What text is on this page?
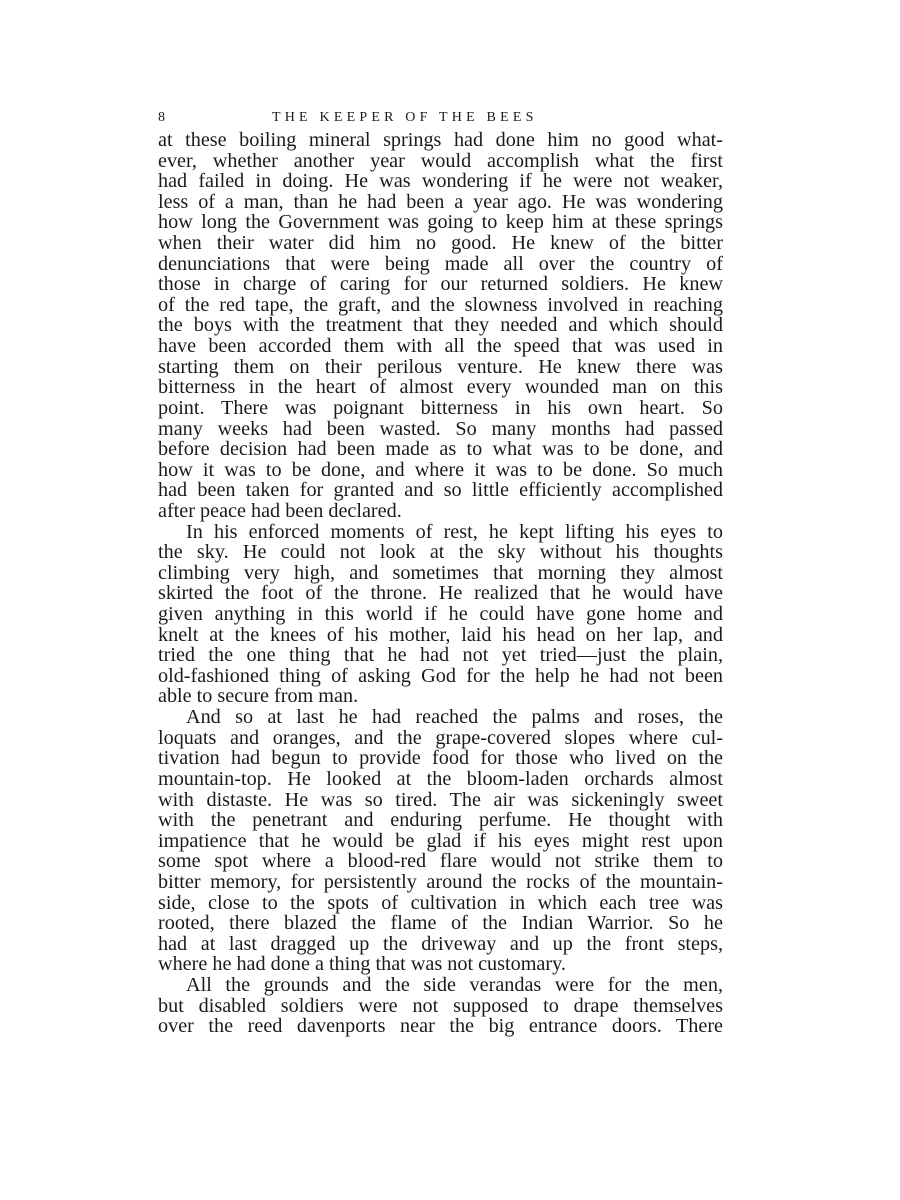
8	THE KEEPER OF THE BEES
at these boiling mineral springs had done him no good what-
ever, whether another year would accomplish what the first
had failed in doing. He was wondering if he were not weaker,
less of a man, than he had been a year ago. He was wondering
how long the Government was going to keep him at these springs
when their water did him no good. He knew of the bitter
denunciations that were being made all over the country of
those in charge of caring for our returned soldiers. He knew
of the red tape, the graft, and the slowness involved in reaching
the boys with the treatment that they needed and which should
have been accorded them with all the speed that was used in
starting them on their perilous venture. He knew there was
bitterness in the heart of almost every wounded man on this
point. There was poignant bitterness in his own heart. So
many weeks had been wasted. So many months had passed
before decision had been made as to what was to be done, and
how it was to be done, and where it was to be done. So much
had been taken for granted and so little efficiently accomplished
after peace had been declared.
In his enforced moments of rest, he kept lifting his eyes to
the sky. He could not look at the sky without his thoughts
climbing very high, and sometimes that morning they almost
skirted the foot of the throne. He realized that he would have
given anything in this world if he could have gone home and
knelt at the knees of his mother, laid his head on her lap, and
tried the one thing that he had not yet tried—just the plain,
old-fashioned thing of asking God for the help he had not been
able to secure from man.
And so at last he had reached the palms and roses, the
loquats and oranges, and the grape-covered slopes where cul-
tivation had begun to provide food for those who lived on the
mountain-top. He looked at the bloom-laden orchards almost
with distaste. He was so tired. The air was sickeningly sweet
with the penetrant and enduring perfume. He thought with
impatience that he would be glad if his eyes might rest upon
some spot where a blood-red flare would not strike them to
bitter memory, for persistently around the rocks of the mountain-
side, close to the spots of cultivation in which each tree was
rooted, there blazed the flame of the Indian Warrior. So he
had at last dragged up the driveway and up the front steps,
where he had done a thing that was not customary.
All the grounds and the side verandas were for the men,
but disabled soldiers were not supposed to drape themselves
over the reed davenports near the big entrance doors. There
